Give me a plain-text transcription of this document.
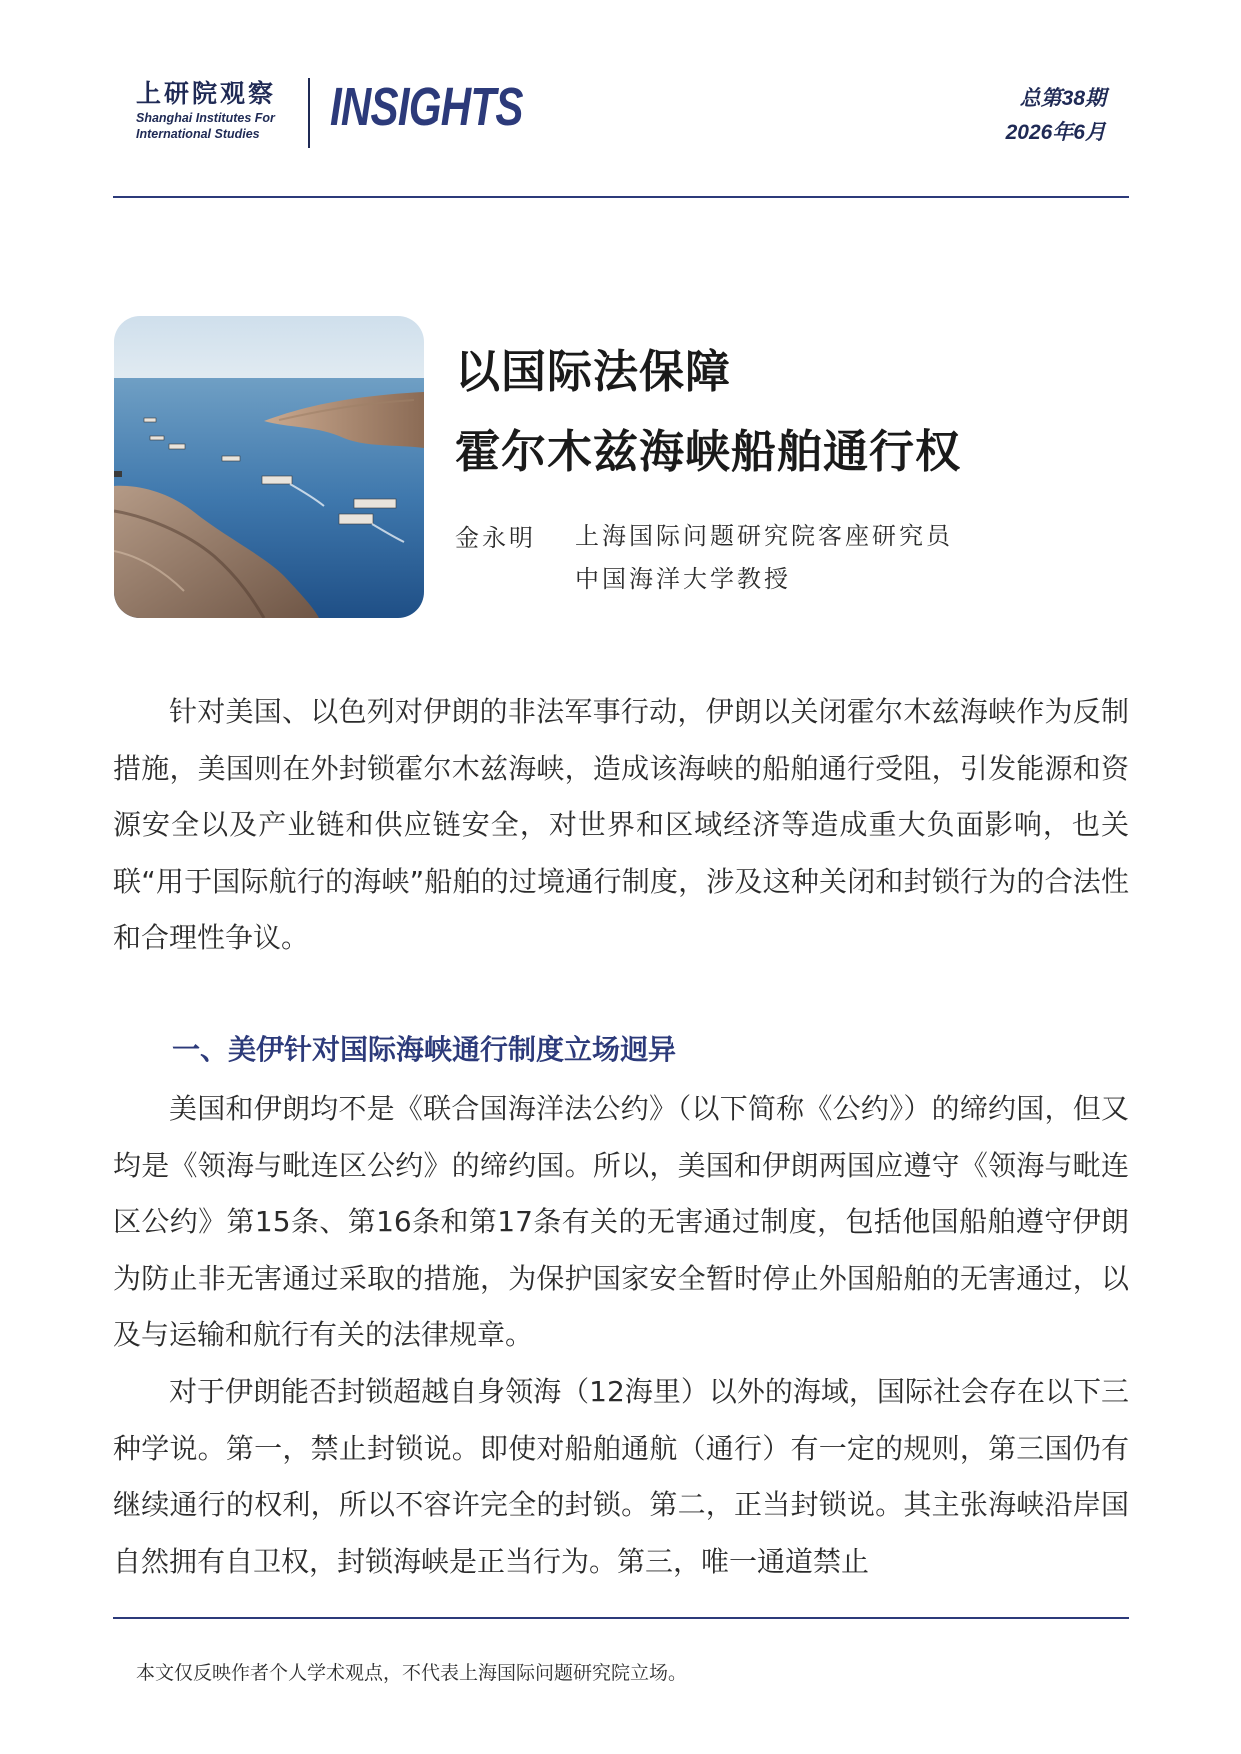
上研院观察
Shanghai Institutes For
International Studies INSIGHTS	总第38期
2026年6月
以国际法保障
霍尔木兹海峡船舶通行权
金永明 上海国际问题研究院客座研究员
中国海洋大学教授

针对美国、以色列对伊朗的非法军事行动，伊朗以关闭霍尔木兹海峡作为反制措施，美国则在外封锁霍尔木兹海峡，造成该海峡的船舶通行受阻，引发能源和资源安全以及产业链和供应链安全，对世界和区域经济等造成重大负面影响，也关联“用于国际航行的海峡”船舶的过境通行制度，涉及这种关闭和封锁行为的合法性和合理性争议。

一、美伊针对国际海峡通行制度立场迥异

美国和伊朗均不是《联合国海洋法公约》（以下简称《公约》）的缔约国，但又均是《领海与毗连区公约》的缔约国。所以，美国和伊朗两国应遵守《领海与毗连区公约》第15条、第16条和第17条有关的无害通过制度，包括他国船舶遵守伊朗为防止非无害通过采取的措施，为保护国家安全暂时停止外国船舶的无害通过，以及与运输和航行有关的法律规章。

对于伊朗能否封锁超越自身领海（12海里）以外的海域，国际社会存在以下三种学说。第一，禁止封锁说。即使对船舶通航（通行）有一定的规则，第三国仍有继续通行的权利，所以不容许完全的封锁。第二，正当封锁说。其主张海峡沿岸国自然拥有自卫权，封锁海峡是正当行为。第三，唯一通道禁止

本文仅反映作者个人学术观点，不代表上海国际问题研究院立场。
